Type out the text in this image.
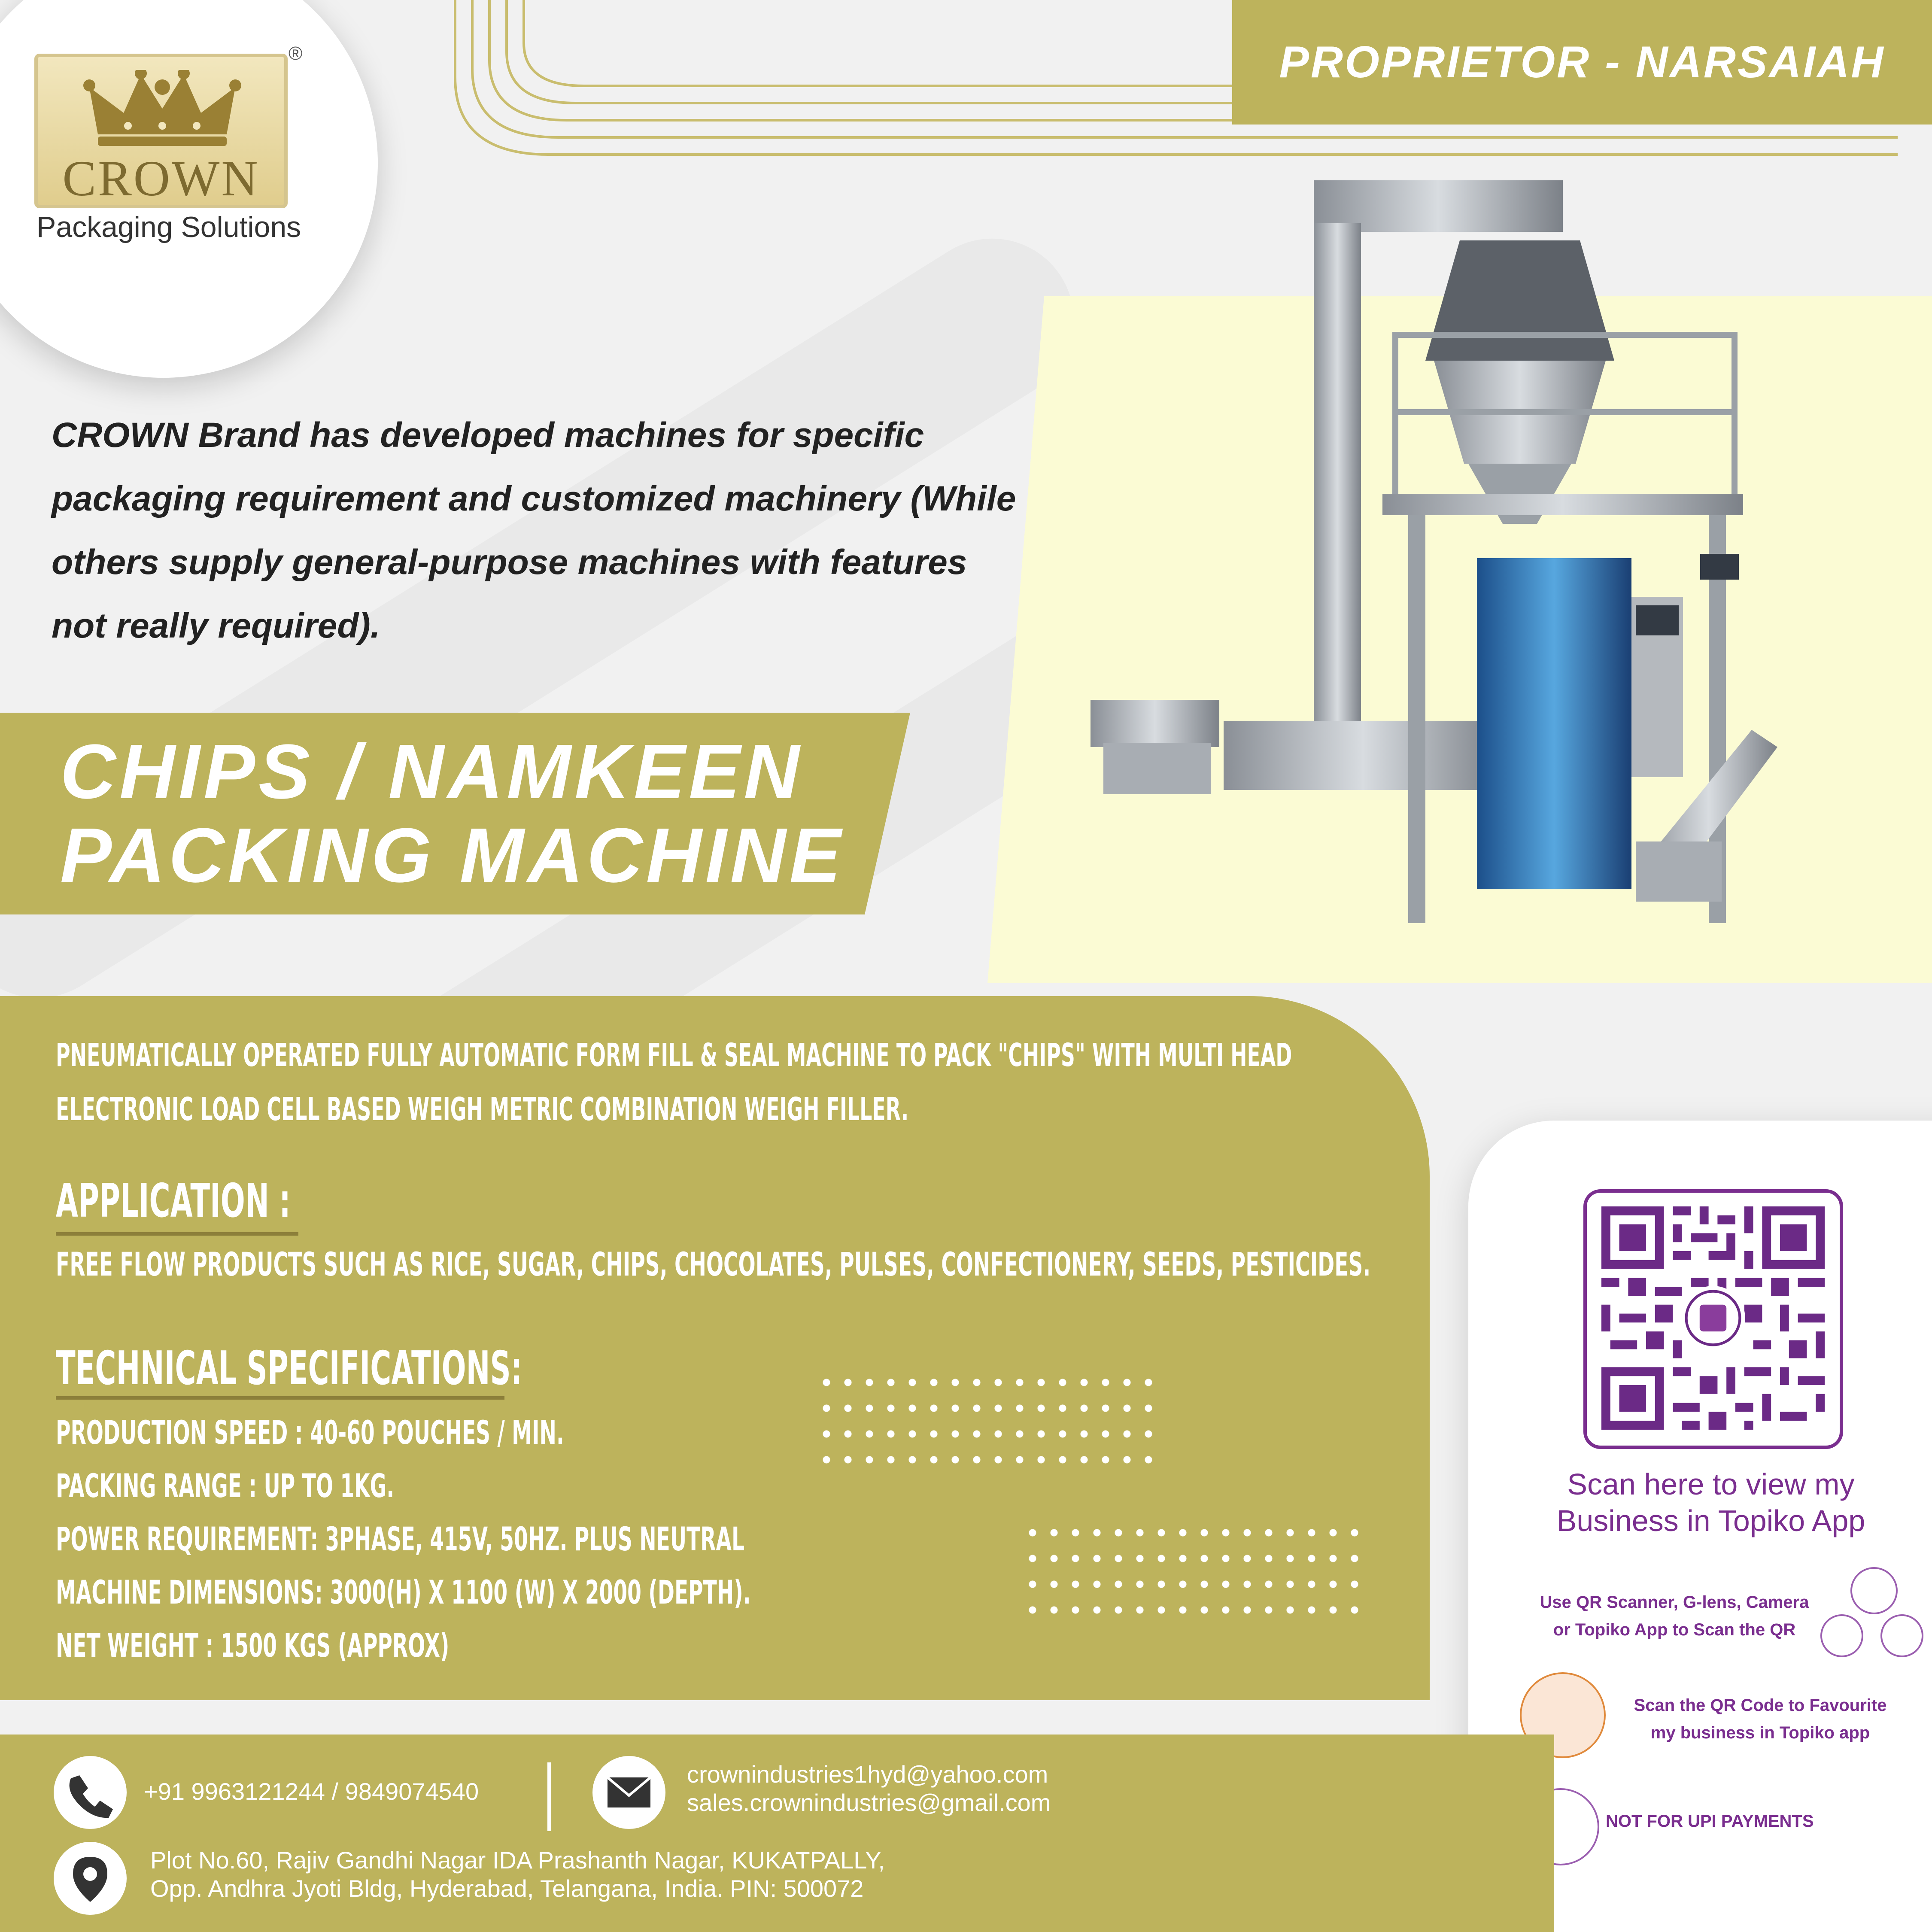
CROWN
®
Packaging Solutions
PROPRIETOR - NARSAIAH
CROWN Brand has developed machines for specific packaging requirement and customized machinery (While others supply general-purpose machines with features not really required).
CHIPS / NAMKEEN
PACKING MACHINE
PNEUMATICALLY OPERATED FULLY AUTOMATIC FORM FILL & SEAL MACHINE TO PACK "CHIPS" WITH MULTI HEAD
ELECTRONIC LOAD CELL BASED WEIGH METRIC COMBINATION WEIGH FILLER.
APPLICATION :
FREE FLOW PRODUCTS SUCH AS RICE, SUGAR, CHIPS, CHOCOLATES, PULSES, CONFECTIONERY, SEEDS, PESTICIDES.
TECHNICAL SPECIFICATIONS:
PRODUCTION SPEED : 40-60 POUCHES / MIN.
PACKING RANGE : UP TO 1KG.
POWER REQUIREMENT: 3PHASE, 415V, 50HZ. PLUS NEUTRAL
MACHINE DIMENSIONS: 3000(H) X 1100 (W) X 2000 (DEPTH).
NET WEIGHT : 1500 KGS (APPROX)
Scan here to view my
Business in Topiko App
Use QR Scanner, G-lens, Camera
or Topiko App to Scan the QR
Scan the QR Code to Favourite
my business in Topiko app
NOT FOR UPI PAYMENTS
+91 9963121244 / 9849074540
crownindustries1hyd@yahoo.com
sales.crownindustries@gmail.com
Plot No.60, Rajiv Gandhi Nagar IDA Prashanth Nagar, KUKATPALLY,
Opp. Andhra Jyoti Bldg, Hyderabad, Telangana, India. PIN: 500072
